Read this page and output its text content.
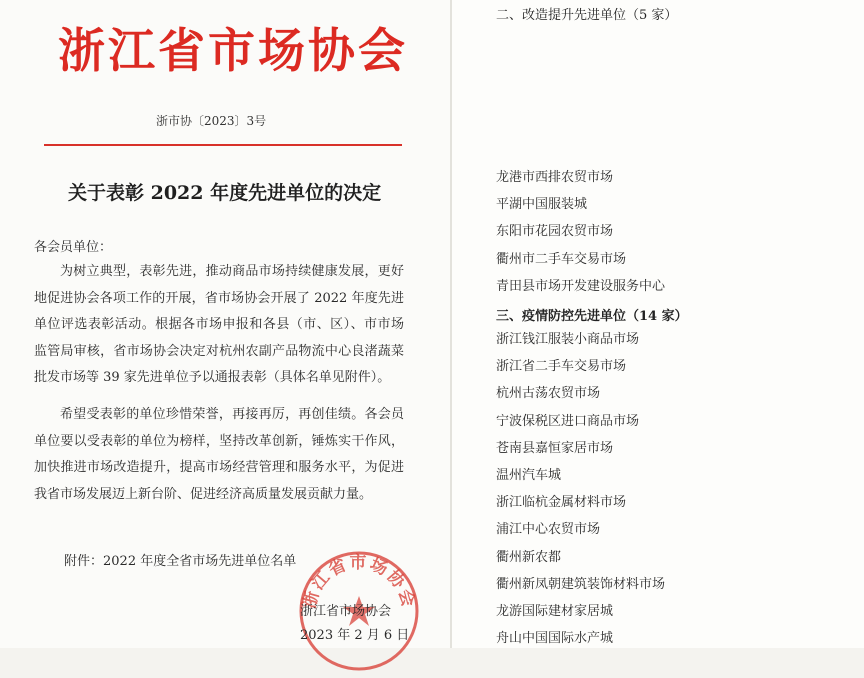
浙江省市场协会
浙市协〔2023〕3号
关于表彰 2022 年度先进单位的决定
各会员单位：
为树立典型，表彰先进，推动商品市场持续健康发展，更好地促进协会各项工作的开展，省市场协会开展了 2022 年度先进单位评选表彰活动。根据各市场申报和各县（市、区）、市市场监管局审核，省市场协会决定对杭州农副产品物流中心良渚蔬菜批发市场等 39 家先进单位予以通报表彰（具体名单见附件）。
希望受表彰的单位珍惜荣誉，再接再厉，再创佳绩。各会员单位要以受表彰的单位为榜样，坚持改革创新，锤炼实干作风，加快推进市场改造提升，提高市场经营管理和服务水平，为促进我省市场发展迈上新台阶、促进经济高质量发展贡献力量。
附件：2022 年度全省市场先进单位名单
浙江省市场协会
浙江省市场协会
2023 年 2 月 6 日
二、改造提升先进单位（5 家）
龙港市西排农贸市场
平湖中国服装城
东阳市花园农贸市场
衢州市二手车交易市场
青田县市场开发建设服务中心
三、疫情防控先进单位（14 家）
浙江钱江服装小商品市场
浙江省二手车交易市场
杭州古荡农贸市场
宁波保税区进口商品市场
苍南县嘉恒家居市场
温州汽车城
浙江临杭金属材料市场
浦江中心农贸市场
衢州新农都
衢州新凤朝建筑装饰材料市场
龙游国际建材家居城
舟山中国国际水产城
